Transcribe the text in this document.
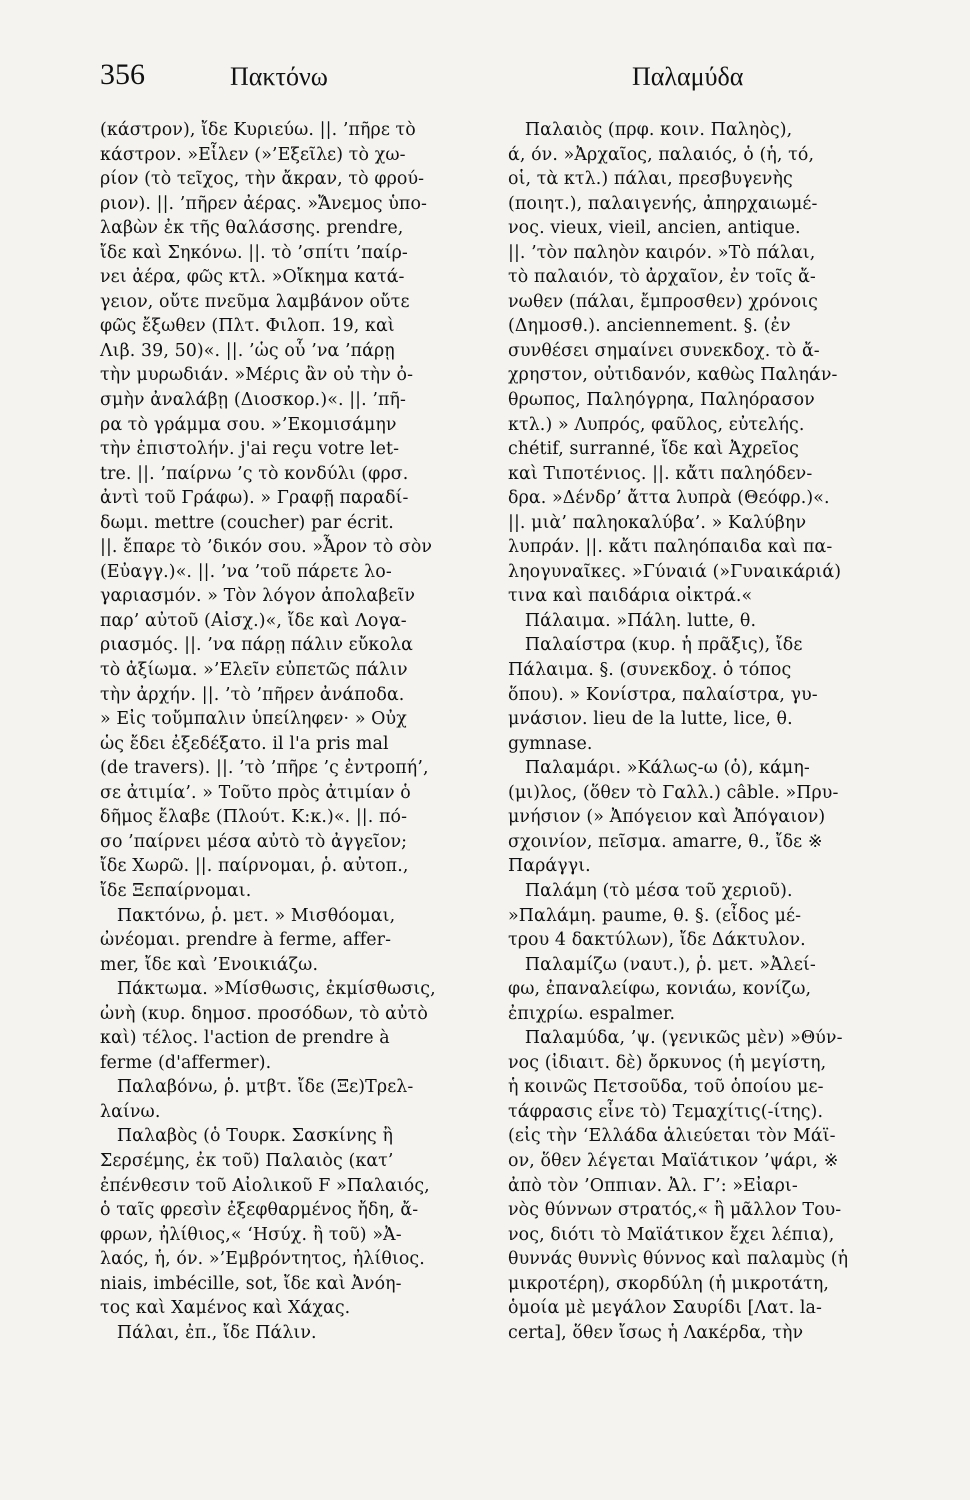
356	Πακτόνω	Παλαμύδα
(κάστρον), ἴδε Κυριεύω. ||. ’πῆρε τὸ
κάστρον. »Εἷλεν (»’Εξεῖλε) τὸ χω-
ρίον (τὸ τεῖχος, τὴν ἄκραν, τὸ φρού-
ριον). ||. ’πῆρεν ἀέρας. »Ἄνεμος ὑπο-
λαβὼν ἐκ τῆς θαλάσσης. prendre,
ἴδε καὶ Σηκόνω. ||. τὸ ’σπίτι ’παίρ-
νει ἀέρα, φῶς κτλ. »Οἴκημα κατά-
γειον, οὔτε πνεῦμα λαμβάνον οὔτε
φῶς ἔξωθεν (Πλτ. Φιλοπ. 19, καὶ
Λιβ. 39, 50)«. ||. ’ὡς οὗ ’να ’πάρῃ
τὴν μυρωδιάν. »Μέρις ἂν οὐ τὴν ὀ-
σμὴν ἀναλάβῃ (Διοσκορ.)«. ||. ’πῆ-
ρα τὸ γράμμα σου. »’Εκομισάμην
τὴν ἐπιστολήν. j'ai reçu votre let-
tre. ||. ’παίρνω ’ς τὸ κονδύλι (φρσ.
ἀντὶ τοῦ Γράφω). » Γραφῇ παραδί-
δωμι. mettre (coucher) par écrit.
||. ἔπαρε τὸ ’δικόν σου. »Ἆρον τὸ σὸν
(Εὐαγγ.)«. ||. ’να ’τοῦ πάρετε λο-
γαριασμόν. » Τὸν λόγον ἀπολαβεῖν
παρ’ αὐτοῦ (Αἰσχ.)«, ἴδε καὶ Λογα-
ριασμός. ||. ’να πάρῃ πάλιν εὔκολα
τὸ ἀξίωμα. »’Ελεῖν εὐπετῶς πάλιν
τὴν ἀρχήν. ||. ’τὸ ’πῆρεν ἀνάποδα.
» Εἰς τοὔμπαλιν ὑπείληφεν· » Οὐχ
ὡς ἔδει ἐξεδέξατο. il l'a pris mal
(de travers). ||. ’τὸ ’πῆρε ’ς ἐντροπή’,
σε ἀτιμία’. » Τοῦτο πρὸς ἀτιμίαν ὁ
δῆμος ἔλαβε (Πλούτ. Κ:κ.)«. ||. πό-
σο ’παίρνει μέσα αὐτὸ τὸ ἀγγεῖον;
ἴδε Χωρῶ. ||. παίρνομαι, ῥ. αὐτοπ.,
ἴδε Ξεπαίρνομαι.
Πακτόνω, ῥ. μετ. » Μισθόομαι,
ὠνέομαι. prendre à ferme, affer-
mer, ἴδε καὶ ’Ενοικιάζω.
Πάκτωμα. »Μίσθωσις, ἐκμίσθωσις,
ὠνὴ (κυρ. δημοσ. προσόδων, τὸ αὐτὸ
καὶ) τέλος. l'action de prendre à
ferme (d'affermer).
Παλαβόνω, ῥ. μτβτ. ἴδε (Ξε)Τρελ-
λαίνω.
Παλαβὸς (ὁ Τουρκ. Σασκίνης ἢ
Σερσέμης, ἐκ τοῦ) Παλαιὸς (κατ’
ἐπένθεσιν τοῦ Αἰολικοῦ F »Παλαιός,
ὁ ταῖς φρεσὶν ἐξεφθαρμένος ἤδη, ἄ-
φρων, ἠλίθιος,« ‘Ησύχ. ἢ τοῦ) »Ἀ-
λαός, ἡ, όν. »’Εμβρόντητος, ἠλίθιος.
niais, imbécille, sot, ἴδε καὶ Ἀνόη-
τος καὶ Χαμένος καὶ Χάχας.
Πάλαι, ἐπ., ἴδε Πάλιν.
Παλαιὸς (πρφ. κοιν. Παληὸς),
ά, όν. »Ἀρχαῖος, παλαιός, ὁ (ἡ, τό,
οἱ, τὰ κτλ.) πάλαι, πρεσβυγενὴς
(ποιητ.), παλαιγενής, ἀπηρχαιωμέ-
νος. vieux, vieil, ancien, antique.
||. ’τὸν παληὸν καιρόν. »Τὸ πάλαι,
τὸ παλαιόν, τὸ ἀρχαῖον, ἐν τοῖς ἄ-
νωθεν (πάλαι, ἔμπροσθεν) χρόνοις
(Δημοσθ.). anciennement. §. (ἐν
συνθέσει σημαίνει συνεκδοχ. τὸ ἄ-
χρηστον, οὐτιδανόν, καθὼς Παληάν-
θρωπος, Παληόγρηα, Παληόρασον
κτλ.) » Λυπρός, φαῦλος, εὐτελής.
chétif, surranné, ἴδε καὶ Ἀχρεῖος
καὶ Τιποτένιος. ||. κἄτι παληόδεν-
δρα. »Δένδρ’ ἄττα λυπρὰ (Θεόφρ.)«.
||. μιὰ’ παληοκαλύβα’. » Καλύβην
λυπράν. ||. κἄτι παληόπαιδα καὶ πα-
ληογυναῖκες. »Γύναιά (»Γυναικάριά)
τινα καὶ παιδάρια οἰκτρά.«
Πάλαιμα. »Πάλη. lutte, θ.
Παλαίστρα (κυρ. ἡ πρᾶξις), ἴδε
Πάλαιμα. §. (συνεκδοχ. ὁ τόπος
ὅπου). » Κονίστρα, παλαίστρα, γυ-
μνάσιον. lieu de la lutte, lice, θ.
gymnase.
Παλαμάρι. »Κάλως-ω (ὁ), κάμη-
(μι)λος, (ὅθεν τὸ Γαλλ.) câble. »Πρυ-
μνήσιον (» Ἀπόγειον καὶ Ἀπόγαιον)
σχοινίον, πεῖσμα. amarre, θ., ἴδε ※
Παράγγι.
Παλάμη (τὸ μέσα τοῦ χεριοῦ).
»Παλάμη. paume, θ. §. (εἶδος μέ-
τρου 4 δακτύλων), ἴδε Δάκτυλον.
Παλαμίζω (ναυτ.), ῥ. μετ. »Ἀλεί-
φω, ἐπαναλείφω, κονιάω, κονίζω,
ἐπιχρίω. espalmer.
Παλαμύδα, ’ψ. (γενικῶς μὲν) »Θύν-
νος (ἰδιαιτ. δὲ) ὄρκυνος (ἡ μεγίστη,
ἡ κοινῶς Πετσοῦδα, τοῦ ὁποίου με-
τάφρασις εἶνε τὸ) Τεμαχίτις(-ίτης).
(εἰς τὴν ‘Ελλάδα ἁλιεύεται τὸν Μάϊ-
ον, ὅθεν λέγεται Μαϊάτικον ’ψάρι, ※
ἀπὸ τὸν ’Οππιαν. Ἀλ. Γ’: »Εἰαρι-
νὸς θύννων στρατός,« ἢ μᾶλλον Του-
νος, διότι τὸ Μαϊάτικον ἔχει λέπια),
θυννάς θυννὶς θύννος καὶ παλαμὺς (ἡ
μικροτέρη), σκορδύλη (ἡ μικροτάτη,
ὁμοία μὲ μεγάλον Σαυρίδι [Λατ. la-
certa], ὅθεν ἴσως ἡ Λακέρδα, τὴν
